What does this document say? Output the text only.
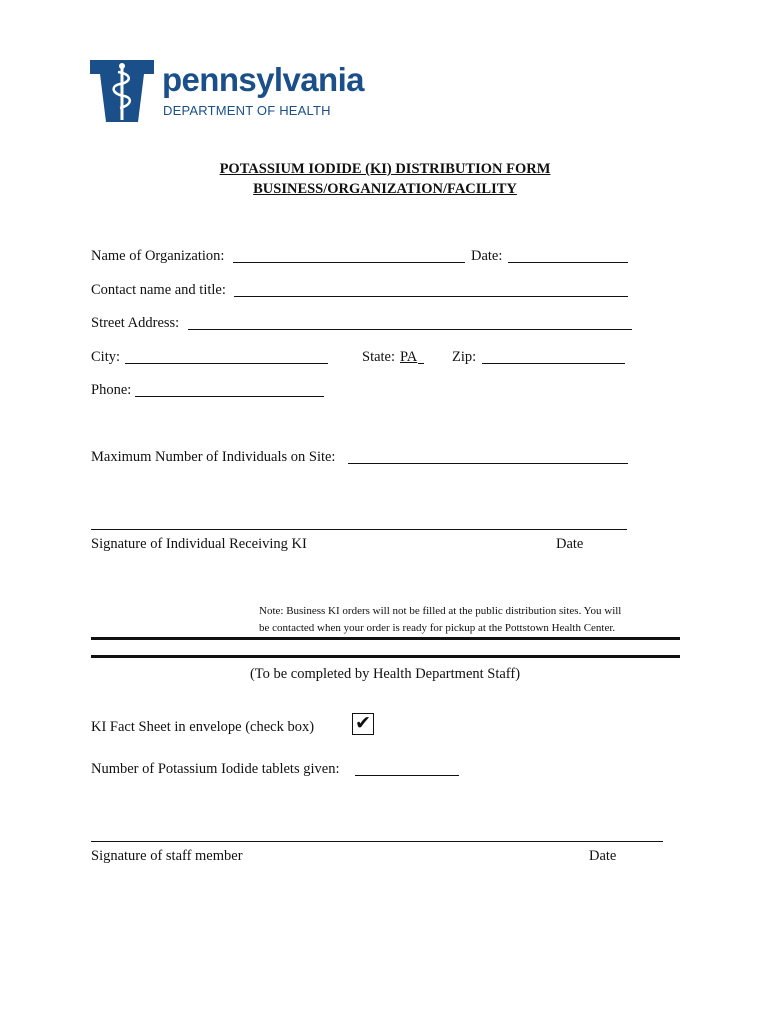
pennsylvania
DEPARTMENT OF HEALTH
POTASSIUM IODIDE (KI) DISTRIBUTION FORM
BUSINESS/ORGANIZATION/FACILITY
Name of Organization:	Date:
Contact name and title:
Street Address:
City:	State: PA Zip:
Phone:
Maximum Number of Individuals on Site:
Signature of Individual Receiving KI	Date
Note: Business KI orders will not be filled at the public distribution sites. You will
be contacted when your order is ready for pickup at the Pottstown Health Center.
(To be completed by Health Department Staff)
KI Fact Sheet in envelope (check box) ✔
Number of Potassium Iodide tablets given:
Signature of staff member	Date
